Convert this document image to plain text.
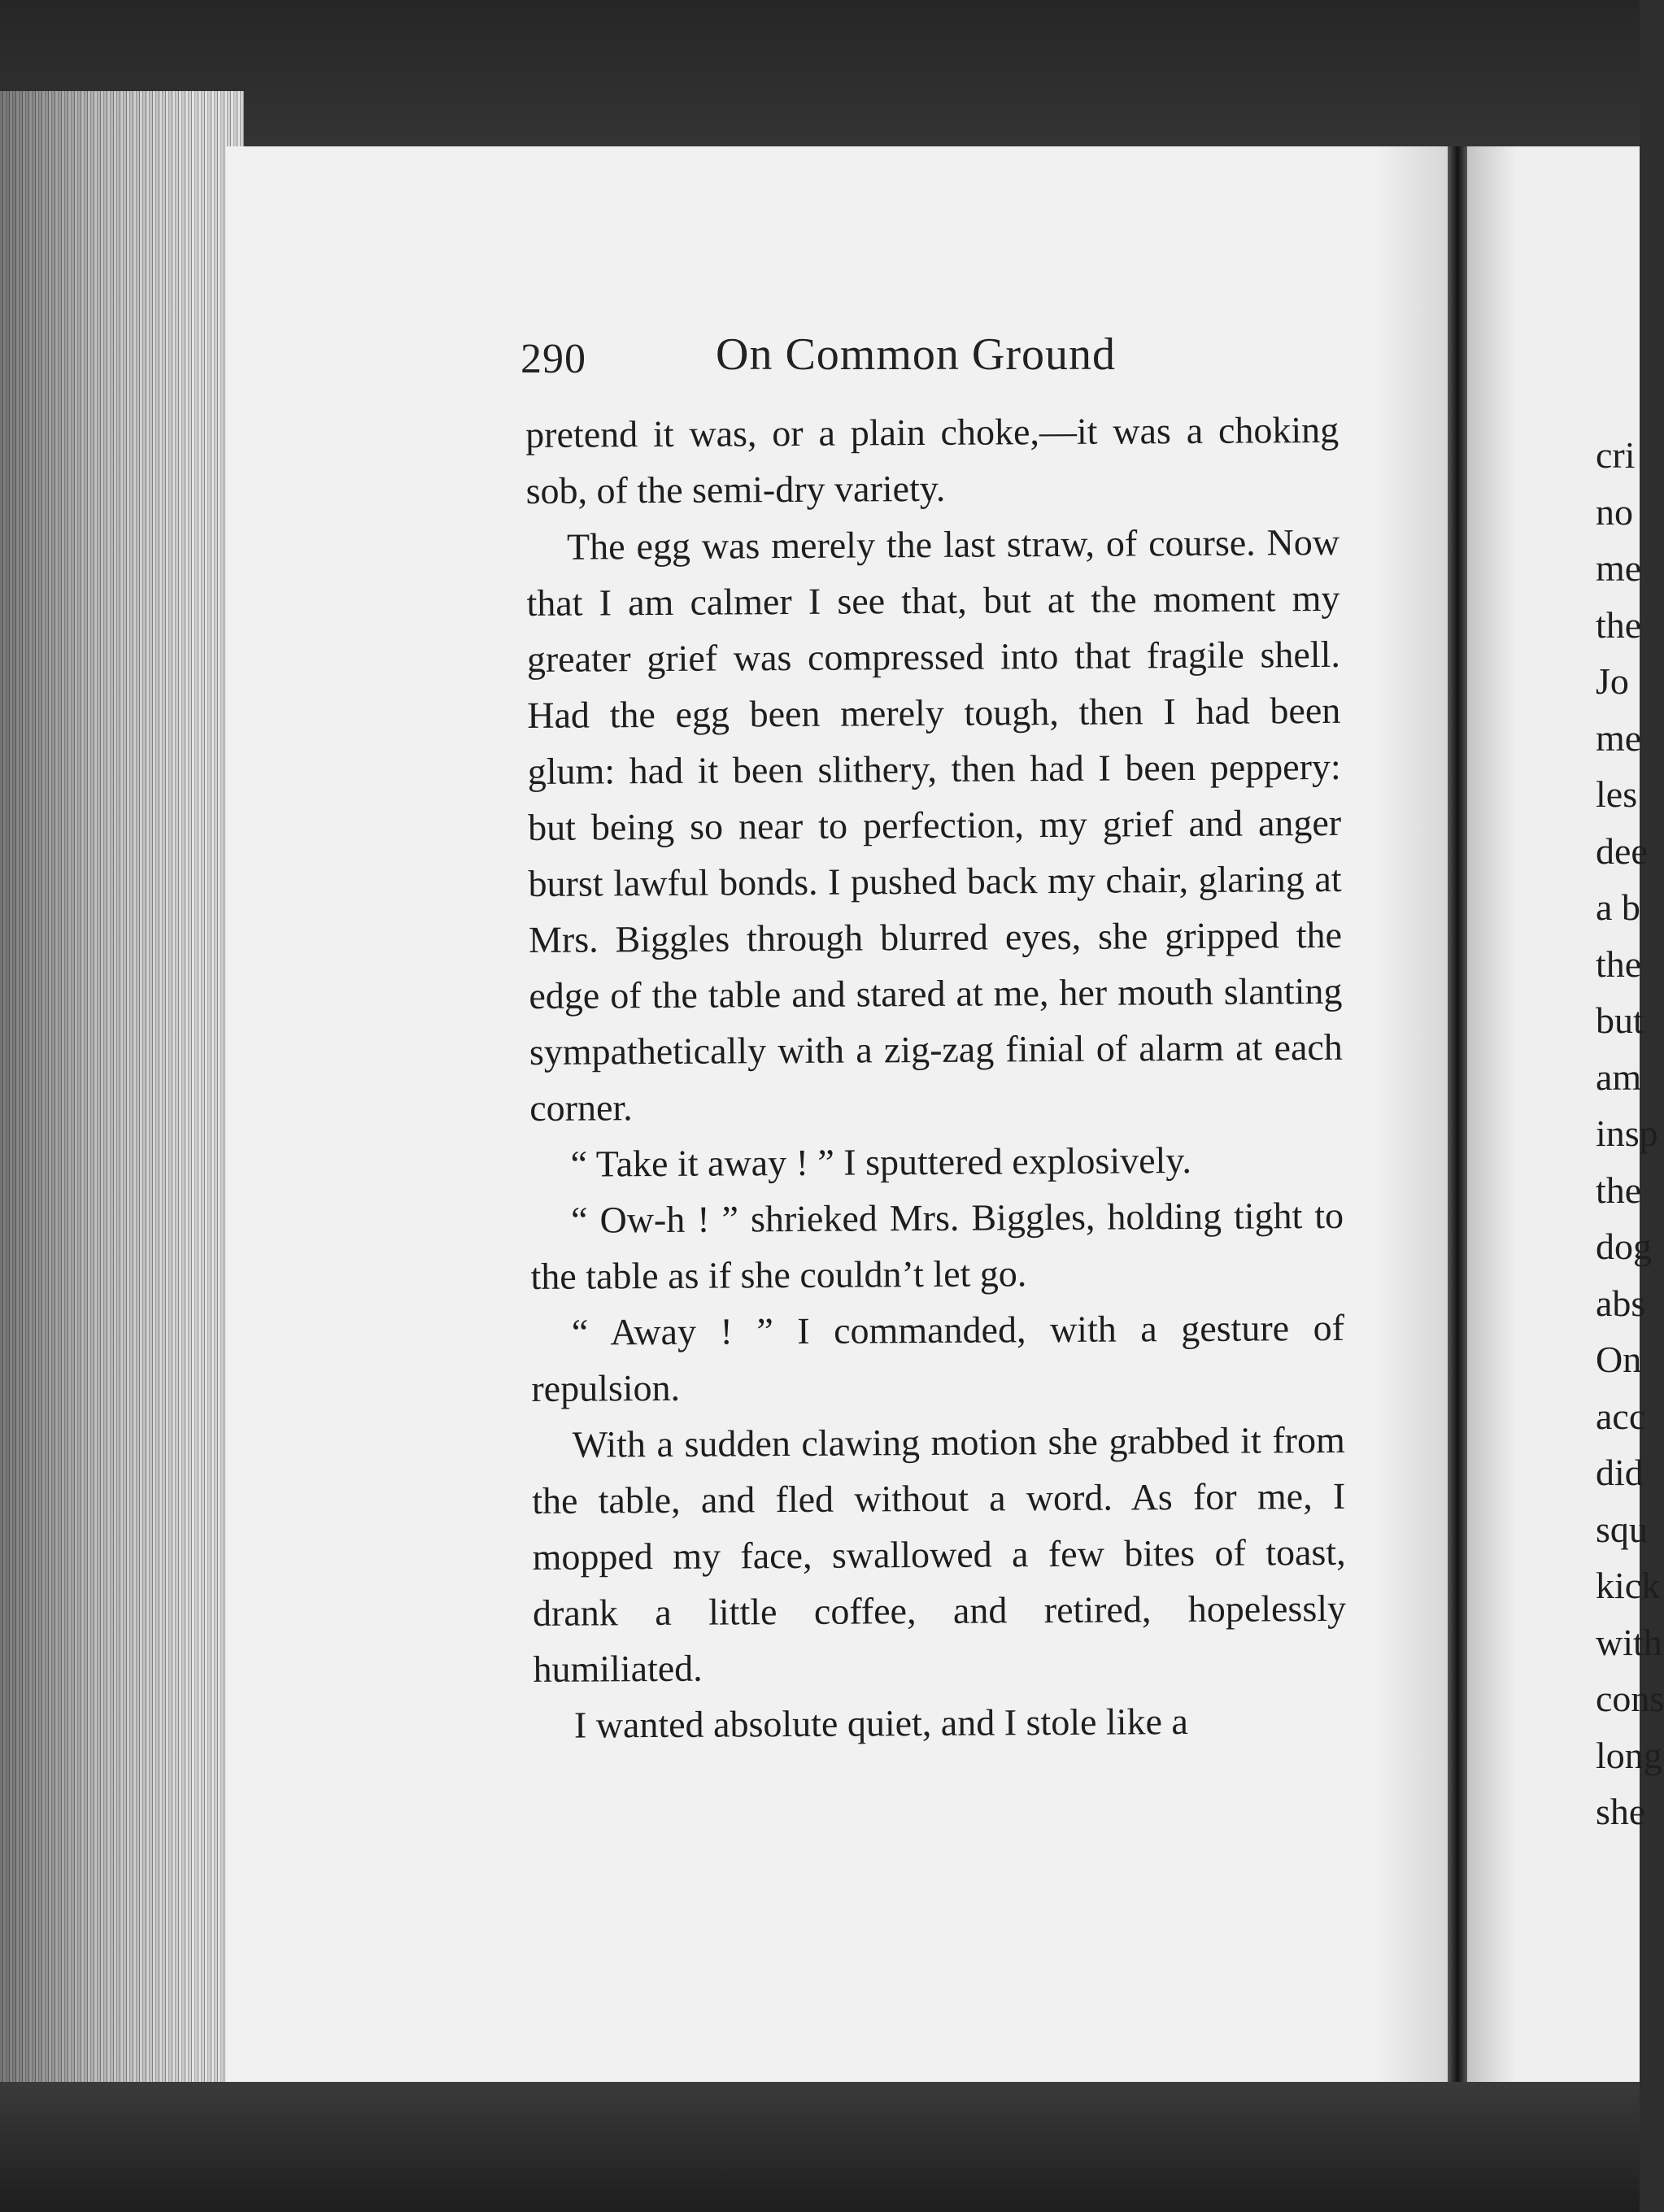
290	On Common Ground

pretend it was, or a plain choke,—it was a choking sob, of the semi-dry variety.

The egg was merely the last straw, of course. Now that I am calmer I see that, but at the moment my greater grief was compressed into that fragile shell. Had the egg been merely tough, then I had been glum: had it been slithery, then had I been peppery: but being so near to perfection, my grief and anger burst lawful bonds. I pushed back my chair, glaring at Mrs. Biggles through blurred eyes, she gripped the edge of the table and stared at me, her mouth slanting sympathetically with a zig-zag finial of alarm at each corner.

“ Take it away ! ” I sputtered explosively.

“ Ow-h ! ” shrieked Mrs. Biggles, holding tight to the table as if she couldn’t let go.

“ Away ! ” I commanded, with a gesture of repulsion.

With a sudden clawing motion she grabbed it from the table, and fled without a word. As for me, I mopped my face, swallowed a few bites of toast, drank a little coffee, and retired, hopelessly humiliated.

I wanted absolute quiet, and I stole like a

cri
no
me
the
Jo
me
les
dee
a b
the
but
am
insp
the
dog
abs
On
acc
did
squ
kick
with
cons
long
she
